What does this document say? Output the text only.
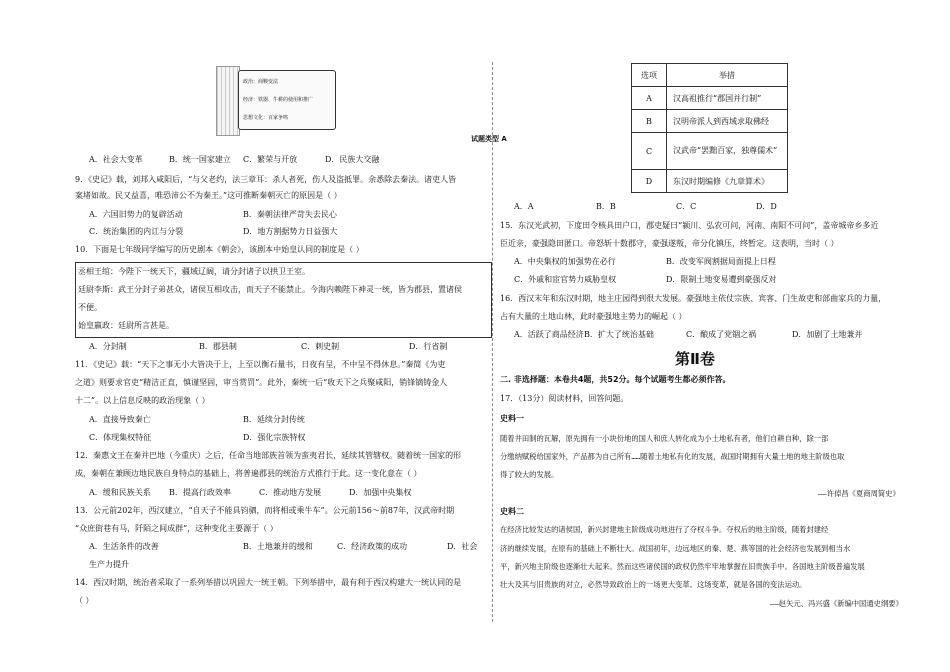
政治：商鞅变法
经济：铁器、牛耕的使用和推广
思想文化：百家争鸣
试题类型 A
A．社会大变革	B．统一国家建立 C．繁荣与开放	D．民族大交融
9．《史记》载，刘邦入咸阳后，“与父老约，法三章耳：杀人者死，伤人及盗抵罪。余悉除去秦法。诸吏人皆
案堵如故。民又益喜，唯恐沛公不为秦王。”这可推断秦朝灭亡的原因是（ ）
A．六国旧势力的复辟活动	B．秦朝法律严苛失去民心
C．统治集团的内讧与分裂	D．地方割据势力日益强大
10．下面是七年级同学编写的历史剧本《朝会》，该剧本中始皇认同的制度是（ ）
丞相王绾：今陛下一统天下，疆域辽阔，请分封诸子以拱卫王室。
廷尉李斯：武王分封子弟甚众，诸侯互相攻击，而天子不能禁止。今海内赖陛下神灵一统，皆为郡县，置诸侯
不便。
始皇嬴政：廷尉所言甚是。
A．分封制	B．郡县制	C．刺史制	D．行省制
11．《史记》载：“天下之事无小大皆决于上，上至以衡石量书，日夜有呈，不中呈不得休息。”秦简《为吏
之道》则要求官吏“精洁正直，慎谨坚固，审当赏罚”。此外，秦统一后“收天下之兵聚咸阳，销锋镝铸金人
十二”。以上信息反映的政治现象（ ）
A．直接导致秦亡	B．延续分封传统
C．体现集权特征	D．强化宗族特权
12．秦惠文王在秦并巴地（今重庆）之后，任命当地部族首领为蛮夷君长，延续其管辖权。随着统一国家的形
成，秦朝在兼顾边地民族自身特点的基础上，将普遍郡县的统治方式推行于此。这一变化意在（ ）
A．缓和民族关系 B．提高行政效率	C．推动地方发展	D．加强中央集权
13．公元前202年，西汉建立，“自天子不能具钧驷，而将相或乘牛车”。公元前156～前87年，汉武帝时期
“众庶街巷有马，阡陌之间成群”，这种变化主要源于（ ）
A．生活条件的改善	B．土地兼并的缓和	C．经济政策的成功	D．社会
生产力提升
14．西汉时期，统治者采取了一系列举措以巩固大一统王朝。下列举措中，最有利于西汉构建大一统认同的是
（ ）
选项	举措
A	汉高祖推行“郡国并行制”
B	汉明帝派人到西域求取佛经
C	汉武帝“罢黜百家，独尊儒术”
D	东汉时期编修《九章算术》
A．A	B．B	C．C	D．D
15．东汉光武初，下度田令核具田户口，郡吏疑曰“颍川、弘农可问，河南、南阳不可问”，盖帝城帝乡多近
臣近亲，豪强隐田匿口。帝怒斩十数郡守，豪强遂叛，帝分化镇压，终暂定。这表明，当时（ ）
A．中央集权的加强势在必行	B．改变军阀割据局面提上日程
C．外戚和宦官势力威胁皇权	D．限制土地变易遭到豪强反对
16．西汉末年和东汉时期，地主庄园得到很大发展。豪强地主依仗宗族、宾客、门生故吏和部曲家兵的力量，
占有大量的土地山林，此时豪强地主势力的崛起（ ）
A．活跃了商品经济 B．扩大了统治基础	C．酿成了党锢之祸	D．加剧了土地兼并
第Ⅱ卷
二. 非选择题：本卷共4题，共52分。每个试题考生都必须作答。
17．（13分）阅读材料，回答问题。
史料一
随着井田制的瓦解，原先拥有一小块份地的国人和庶人转化成为小土地私有者，他们自耕自种，除一部
分缴纳赋税给国家外，产品都为自己所有……随着土地私有化的发展，战国时期拥有大量土地的地主阶级也取
得了较大的发展。
——许倬昌《夏商周简史》
史料二
在经济比较发达的诸侯国，新兴封建地主阶级成功地进行了夺权斗争。夺权后的地主阶级，随着封建经
济的继续发展，在原有的基础上不断壮大。战国初年，边远地区的秦、楚、燕等国的社会经济也发展到相当水
平，新兴地主阶级也逐渐壮大起来。然而这些诸侯国的政权仍然牢牢地掌握在旧贵族手中。各国地主阶级普遍发展
壮大及其与旧贵族的对立，必然导致政治上的一场更大变革。这场变革，就是各国的变法运动。
——赵矢元、冯兴盛《新编中国通史纲要》
